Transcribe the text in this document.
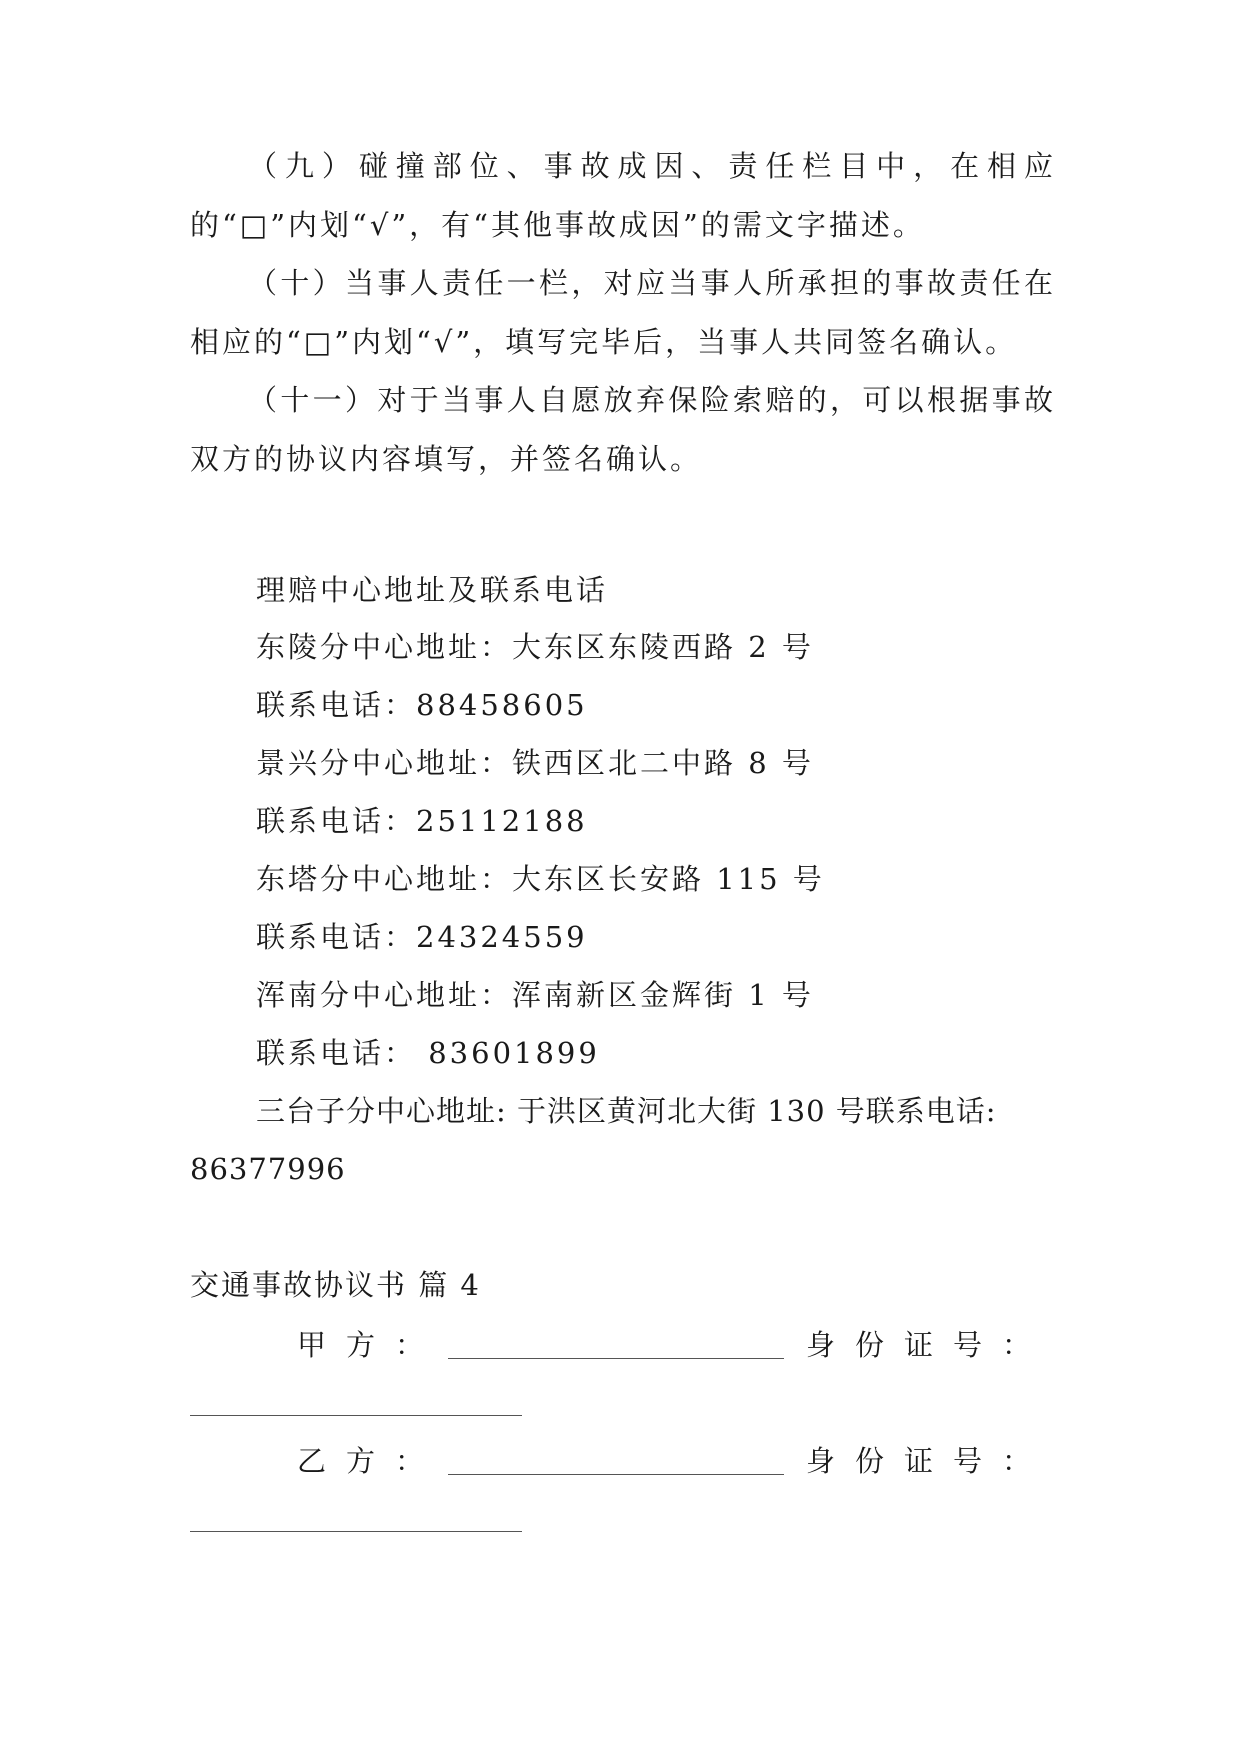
（九）碰撞部位、事故成因、责任栏目中，在相应的“□”内划“√”，有“其他事故成因”的需文字描述。

（十）当事人责任一栏，对应当事人所承担的事故责任在相应的“□”内划“√”，填写完毕后，当事人共同签名确认。

（十一）对于当事人自愿放弃保险索赔的，可以根据事故双方的协议内容填写，并签名确认。

理赔中心地址及联系电话

东陵分中心地址：大东区东陵西路 2 号

联系电话：88458605

景兴分中心地址：铁西区北二中路 8 号

联系电话：25112188

东塔分中心地址：大东区长安路 115 号

联系电话：24324559

浑南分中心地址：浑南新区金辉街 1 号

联系电话： 83601899

三台子分中心地址: 于洪区黄河北大街 130 号联系电话:

86377996

交通事故协议书 篇 4

甲方：	身份证号：
乙方：	身份证号：
